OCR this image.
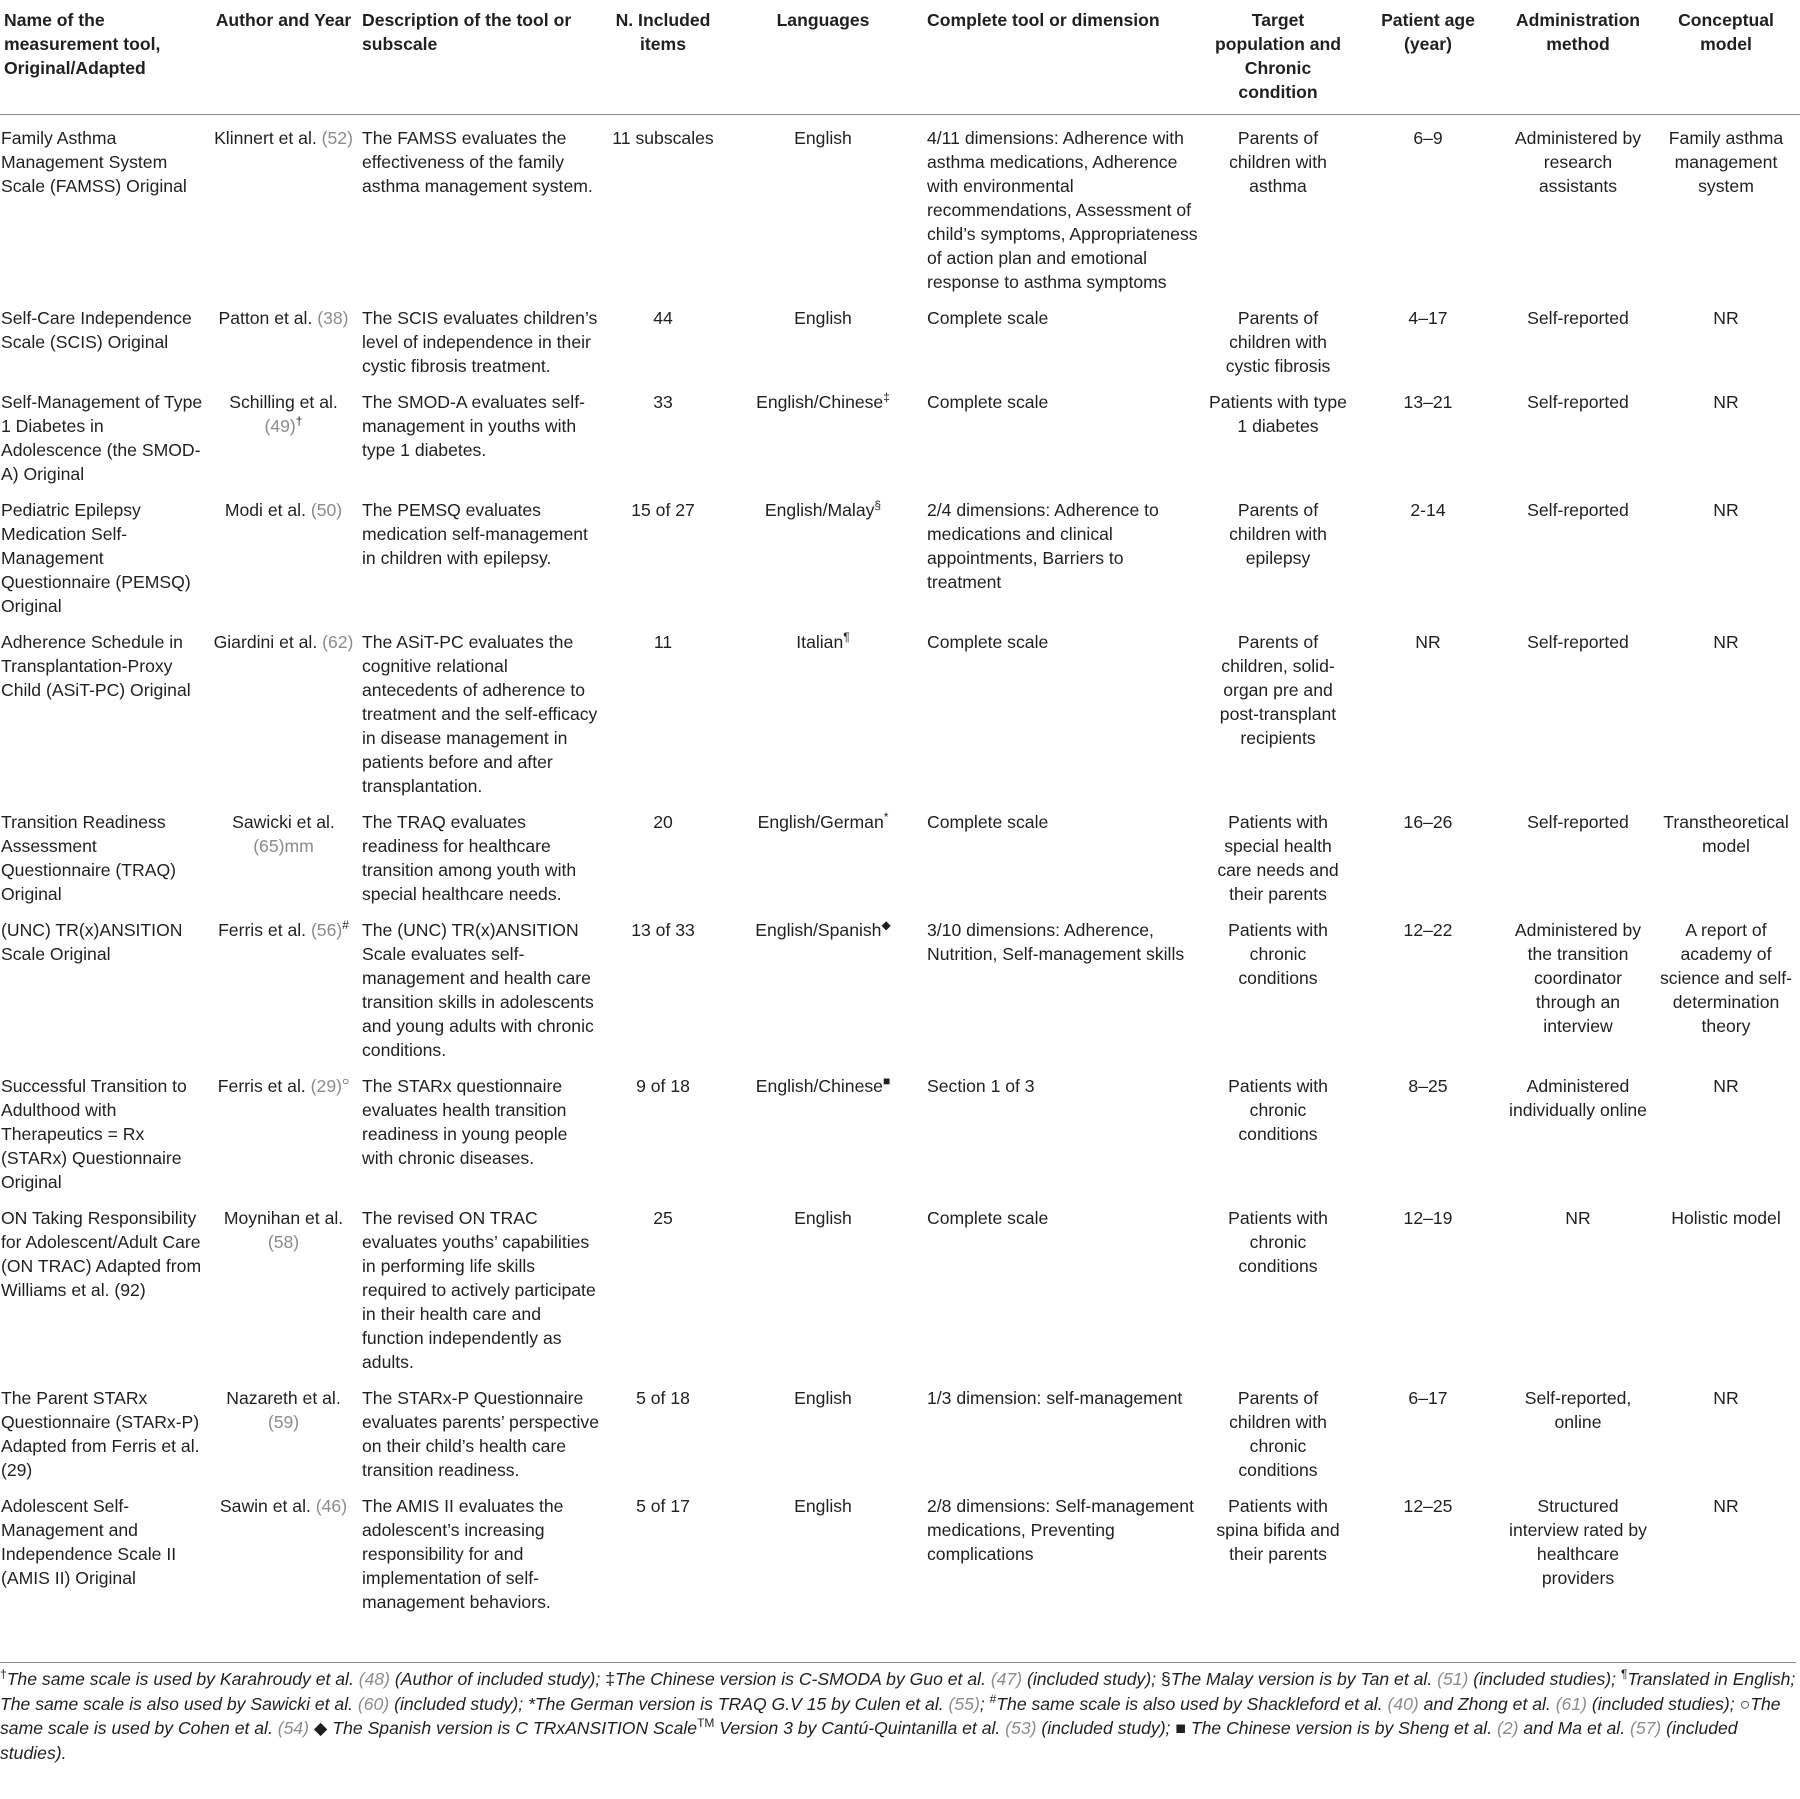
Name of the measurement tool, Original/Adapted	Author and Year	Description of the tool or subscale	N. Included items	Languages	Complete tool or dimension	Target population and Chronic condition	Patient age (year)	Administration method	Conceptual model
Family Asthma Management System Scale (FAMSS) Original	Klinnert et al. (52)	The FAMSS evaluates the effectiveness of the family asthma management system.	11 subscales	English	4/11 dimensions: Adherence with asthma medications, Adherence with environmental recommendations, Assessment of child’s symptoms, Appropriateness of action plan and emotional response to asthma symptoms	Parents of children with asthma	6–9	Administered by research assistants	Family asthma management system
Self-Care Independence Scale (SCIS) Original	Patton et al. (38)	The SCIS evaluates children’s level of independence in their cystic fibrosis treatment.	44	English	Complete scale	Parents of children with cystic fibrosis	4–17	Self-reported	NR
Self-Management of Type 1 Diabetes in Adolescence (the SMOD-A) Original	Schilling et al. (49)†	The SMOD-A evaluates self-management in youths with type 1 diabetes.	33	English/Chinese‡	Complete scale	Patients with type 1 diabetes	13–21	Self-reported	NR
Pediatric Epilepsy Medication Self-Management Questionnaire (PEMSQ) Original	Modi et al. (50)	The PEMSQ evaluates medication self-management in children with epilepsy.	15 of 27	English/Malay§	2/4 dimensions: Adherence to medications and clinical appointments, Barriers to treatment	Parents of children with epilepsy	2-14	Self-reported	NR
Adherence Schedule in Transplantation-Proxy Child (ASiT-PC) Original	Giardini et al. (62)	The ASiT-PC evaluates the cognitive relational antecedents of adherence to treatment and the self-efficacy in disease management in patients before and after transplantation.	11	Italian¶	Complete scale	Parents of children, solid-organ pre and post-transplant recipients	NR	Self-reported	NR
Transition Readiness Assessment Questionnaire (TRAQ) Original	Sawicki et al. (65)mm	The TRAQ evaluates readiness for healthcare transition among youth with special healthcare needs.	20	English/German*	Complete scale	Patients with special health care needs and their parents	16–26	Self-reported	Transtheoretical model
(UNC) TR(x)ANSITION Scale Original	Ferris et al. (56)#	The (UNC) TR(x)ANSITION Scale evaluates self-management and health care transition skills in adolescents and young adults with chronic conditions.	13 of 33	English/Spanish◆	3/10 dimensions: Adherence, Nutrition, Self-management skills	Patients with chronic conditions	12–22	Administered by the transition coordinator through an interview	A report of academy of science and self-determination theory
Successful Transition to Adulthood with Therapeutics = Rx (STARx) Questionnaire Original	Ferris et al. (29)○	The STARx questionnaire evaluates health transition readiness in young people with chronic diseases.	9 of 18	English/Chinese■	Section 1 of 3	Patients with chronic conditions	8–25	Administered individually online	NR
ON Taking Responsibility for Adolescent/Adult Care (ON TRAC) Adapted from Williams et al. (92)	Moynihan et al. (58)	The revised ON TRAC evaluates youths’ capabilities in performing life skills required to actively participate in their health care and function independently as adults.	25	English	Complete scale	Patients with chronic conditions	12–19	NR	Holistic model
The Parent STARx Questionnaire (STARx-P) Adapted from Ferris et al. (29)	Nazareth et al. (59)	The STARx-P Questionnaire evaluates parents’ perspective on their child’s health care transition readiness.	5 of 18	English	1/3 dimension: self-management	Parents of children with chronic conditions	6–17	Self-reported, online	NR
Adolescent Self-Management and Independence Scale II (AMIS II) Original	Sawin et al. (46)	The AMIS II evaluates the adolescent’s increasing responsibility for and implementation of self-management behaviors.	5 of 17	English	2/8 dimensions: Self-management medications, Preventing complications	Patients with spina bifida and their parents	12–25	Structured interview rated by healthcare providers	NR
†The same scale is used by Karahroudy et al. (48) (Author of included study); ‡The Chinese version is C-SMODA by Guo et al. (47) (included study); §The Malay version is by Tan et al. (51) (included studies); ¶Translated in English; The same scale is also used by Sawicki et al. (60) (included study); *The German version is TRAQ G.V 15 by Culen et al. (55); #The same scale is also used by Shackleford et al. (40) and Zhong et al. (61) (included studies); ○The same scale is used by Cohen et al. (54) ◆ The Spanish version is C TRxANSITION Scale™ Version 3 by Cantú-Quintanilla et al. (53) (included study); ■ The Chinese version is by Sheng et al. (2) and Ma et al. (57) (included studies).
